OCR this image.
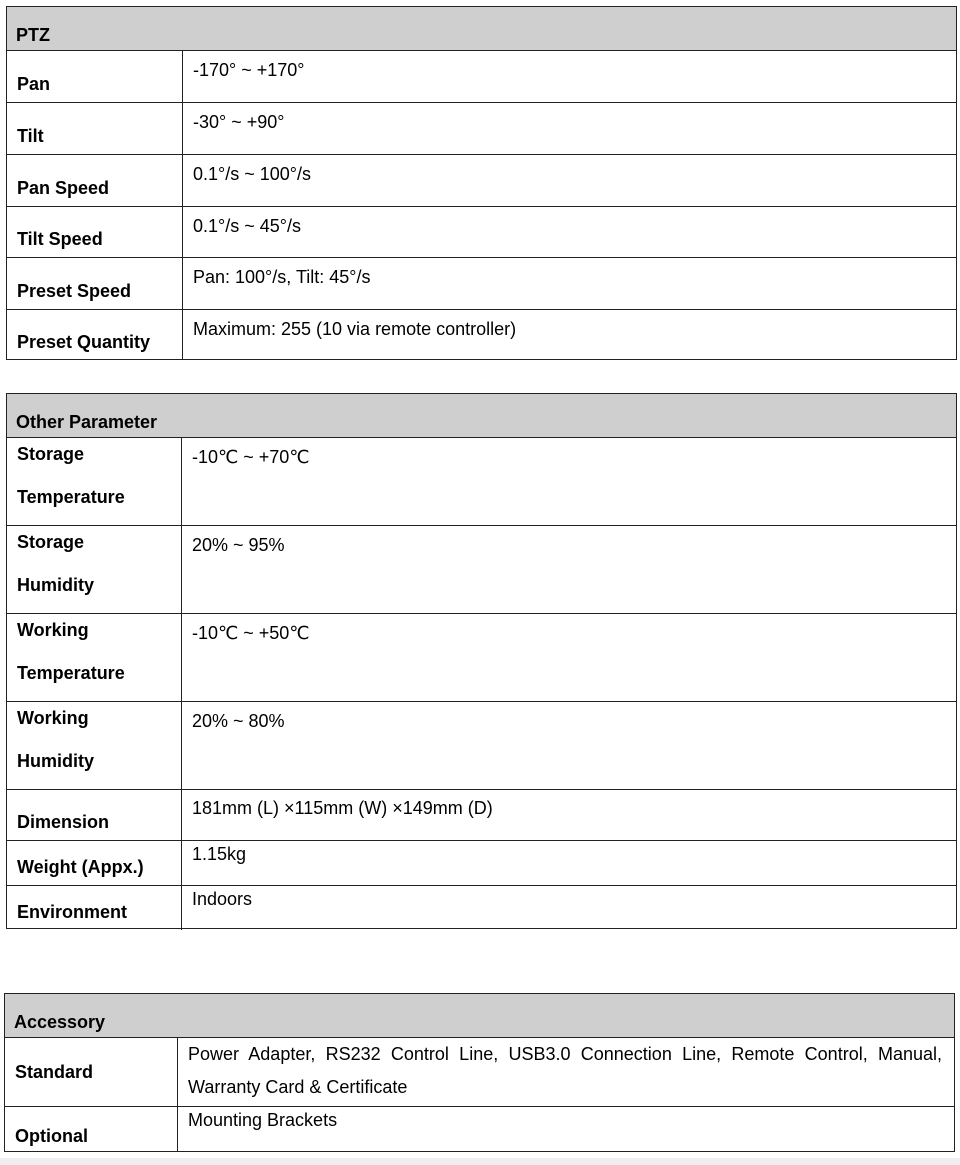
PTZ
Pan
-170° ~ +170°
Tilt
-30° ~ +90°
Pan Speed
0.1°/s ~ 100°/s
Tilt Speed
0.1°/s ~ 45°/s
Preset Speed
Pan: 100°/s, Tilt: 45°/s
Preset Quantity
Maximum: 255 (10 via remote controller)
Other Parameter
Storage
Temperature
-10℃ ~ +70℃
Storage
Humidity
20% ~ 95%
Working
Temperature
-10℃ ~ +50℃
Working
Humidity
20% ~ 80%
Dimension
181mm (L) ×115mm (W) ×149mm (D)
Weight (Appx.)
1.15kg
Environment
Indoors
Accessory
Standard
Power Adapter, RS232 Control Line, USB3.0 Connection Line, Remote Control, Manual, Warranty Card & Certificate
Optional
Mounting Brackets
